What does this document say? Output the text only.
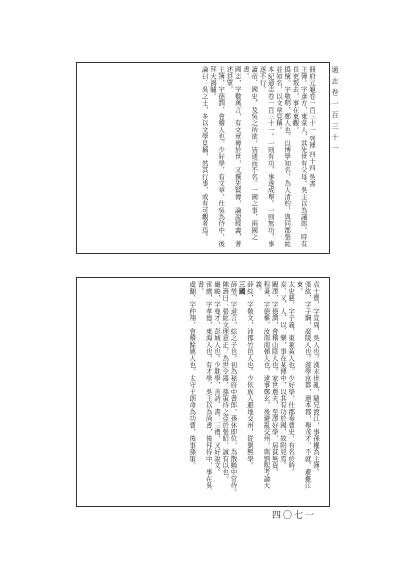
通 志 卷 一 百 三 十 一

冊府元龜卷一百三十一 列傳 四十四 吳書

主簿。宇彥方，東菜人，其先世有父母。吳主以為議郎。時有長吏叛去，事在東觀。

撝懷。宇敬明，鄭人也。以博學知名，為人清約，與同郡張紘並知名，以文章見稱。

本紀通志卷一百三十一。一則有功，事遂成舉。一則無功，事遂不行。

讀帝、國史，及吳之所欲，皆通而不名。一國之事，兩國之書。

國志，宇數萬言，有文章傳於世，又撰先賢傳，論說經義，著述甚眾。

主簿，宇德潤，會稽人也。少好學，有文章，仕吳為侍中，後拜大鴻臚。

論曰：吳之士，多以文學見稱，然其行事，或有可觀者焉。

袁士寶，字宣周，吳人也。漢末世亂，隨兄渡江，事孫權為主簿。

張紘，字子綱，廣陵人也。遊學京都，還本郡，舉茂才，不就。避難江東。

太史慈，字子義，東萊黃人也。少好學，仕郡奏曹史，有名於時。

泰、又、人、以、樂，事在某傳中，以其有功於國，故附見焉。

闞澤，字德潤，會稽山陰人也。家世農夫，至澤好學，居貧無資。

程秉，字德樞，汝南南頓人也。逮事鄭玄，後避亂交州，與劉熙考論大義。

薛綜，字敬文，沛郡竹邑人也。少依族人避地交州，從劉熙學。

三國

薛瑩，字道言，綜之子也。初為秘府中書郎，孫休即位，為散騎中常侍。

陳壽曰：張紘文理意正，為世令器，孫策待之亞於張昭，誠有以也。

嚴畯，字曼才，彭城人也。少耽學，善詩、書、三禮，又好說文。

雷鷹，宇孝德，東海人也，有才學，吳主以為尚書，後拜侍中，事在吳書。

虞翻，字仲翔，會稽餘姚人也。太守王朗命為功曹，後事孫策。

四〇七一
